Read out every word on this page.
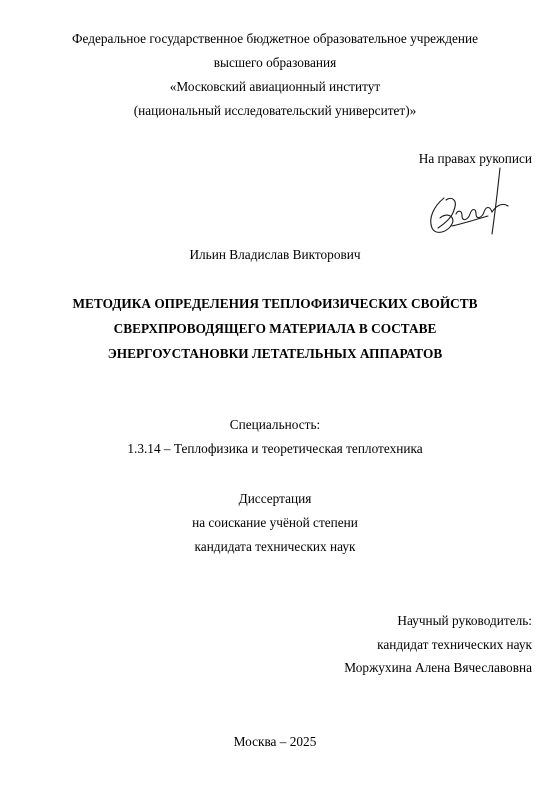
Федеральное государственное бюджетное образовательное учреждение
высшего образования
«Московский авиационный институт
(национальный исследовательский университет)»
На правах рукописи
Ильин Владислав Викторович
МЕТОДИКА ОПРЕДЕЛЕНИЯ ТЕПЛОФИЗИЧЕСКИХ СВОЙСТВ
СВЕРХПРОВОДЯЩЕГО МАТЕРИАЛА В СОСТАВЕ
ЭНЕРГОУСТАНОВКИ ЛЕТАТЕЛЬНЫХ АППАРАТОВ
Специальность:
1.3.14 – Теплофизика и теоретическая теплотехника
Диссертация
на соискание учёной степени
кандидата технических наук
Научный руководитель:
кандидат технических наук
Моржухина Алена Вячеславовна
Москва – 2025
